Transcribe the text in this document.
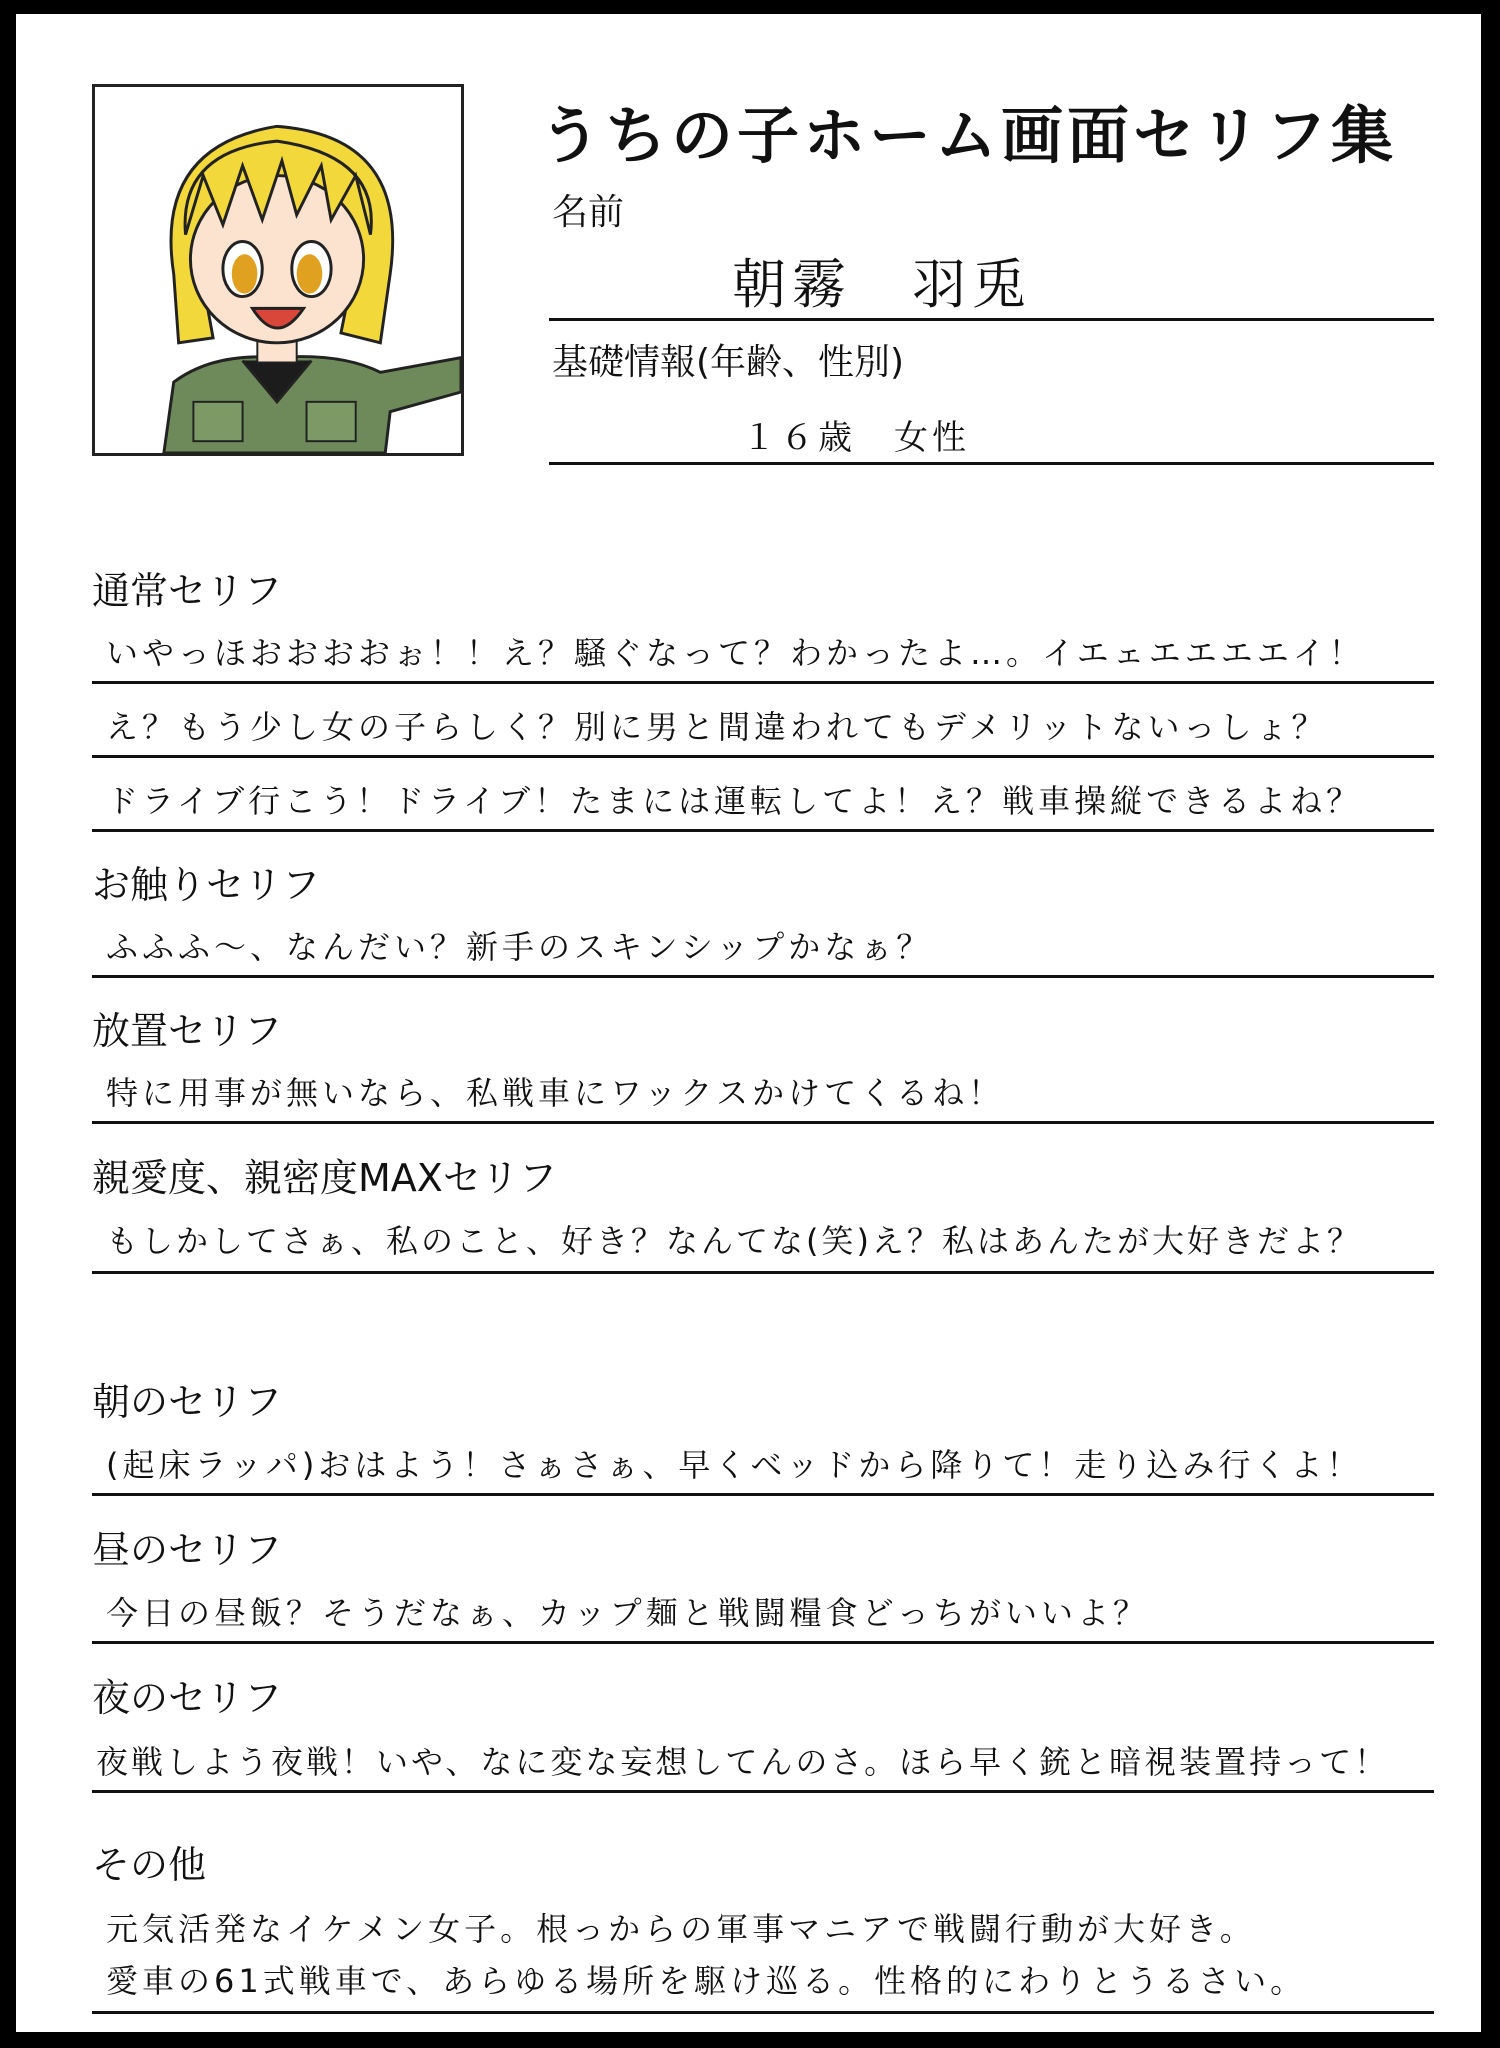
うちの子ホーム画面セリフ集
名前
朝霧　羽兎
基礎情報(年齢、性別)
１６歳　女性
通常セリフ
いやっほおおおおぉ！！え？騒ぐなって？わかったよ…。イエェエエエエイ！
え？もう少し女の子らしく？別に男と間違われてもデメリットないっしょ？
ドライブ行こう！ドライブ！たまには運転してよ！え？戦車操縦できるよね？
お触りセリフ
ふふふ～、なんだい？新手のスキンシップかなぁ？
放置セリフ
特に用事が無いなら、私戦車にワックスかけてくるね！
親愛度、親密度MAXセリフ
もしかしてさぁ、私のこと、好き？なんてな(笑)え？私はあんたが大好きだよ？
朝のセリフ
(起床ラッパ)おはよう！さぁさぁ、早くベッドから降りて！走り込み行くよ！
昼のセリフ
今日の昼飯？そうだなぁ、カップ麺と戦闘糧食どっちがいいよ？
夜のセリフ
夜戦しよう夜戦！いや、なに変な妄想してんのさ。ほら早く銃と暗視装置持って！
その他
元気活発なイケメン女子。根っからの軍事マニアで戦闘行動が大好き。
愛車の61式戦車で、あらゆる場所を駆け巡る。性格的にわりとうるさい。
